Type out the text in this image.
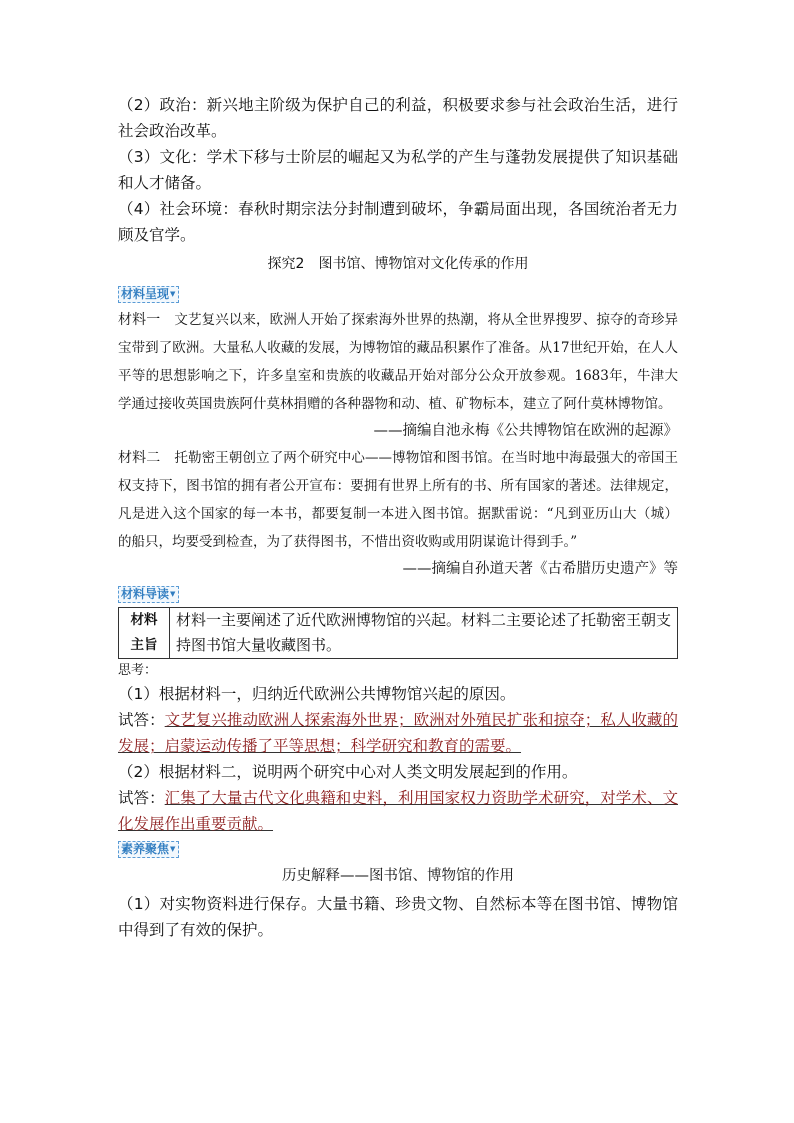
（2）政治：新兴地主阶级为保护自己的利益，积极要求参与社会政治生活，进行社会政治改革。

（3）文化：学术下移与士阶层的崛起又为私学的产生与蓬勃发展提供了知识基础和人才储备。

（4）社会环境：春秋时期宗法分封制遭到破坏，争霸局面出现，各国统治者无力顾及官学。

探究2　图书馆、博物馆对文化传承的作用
材料呈现▼

材料一 文艺复兴以来，欧洲人开始了探索海外世界的热潮，将从全世界搜罗、掠夺的奇珍异宝带到了欧洲。大量私人收藏的发展，为博物馆的藏品积累作了准备。从17世纪开始，在人人平等的思想影响之下，许多皇室和贵族的收藏品开始对部分公众开放参观。1683年，牛津大学通过接收英国贵族阿什莫林捐赠的各种器物和动、植、矿物标本，建立了阿什莫林博物馆。

——摘编自池永梅《公共博物馆在欧洲的起源》

材料二 托勒密王朝创立了两个研究中心——博物馆和图书馆。在当时地中海最强大的帝国王权支持下，图书馆的拥有者公开宣布：要拥有世界上所有的书、所有国家的著述。法律规定，凡是进入这个国家的每一本书，都要复制一本进入图书馆。据默雷说：“凡到亚历山大（城）的船只，均要受到检查，为了获得图书，不惜出资收购或用阴谋诡计得到手。”

——摘编自孙道天著《古希腊历史遗产》等

材料导读▼
材料
主旨
	材料一主要阐述了近代欧洲博物馆的兴起。材料二主要论述了托勒密王朝支持图书馆大量收藏图书。

思考：

（1）根据材料一，归纳近代欧洲公共博物馆兴起的原因。

试答：文艺复兴推动欧洲人探索海外世界；欧洲对外殖民扩张和掠夺；私人收藏的发展；启蒙运动传播了平等思想；科学研究和教育的需要。

（2）根据材料二，说明两个研究中心对人类文明发展起到的作用。

试答：汇集了大量古代文化典籍和史料，利用国家权力资助学术研究，对学术、文化发展作出重要贡献。

素养聚焦▼
历史解释——图书馆、博物馆的作用

（1）对实物资料进行保存。大量书籍、珍贵文物、自然标本等在图书馆、博物馆中得到了有效的保护。
